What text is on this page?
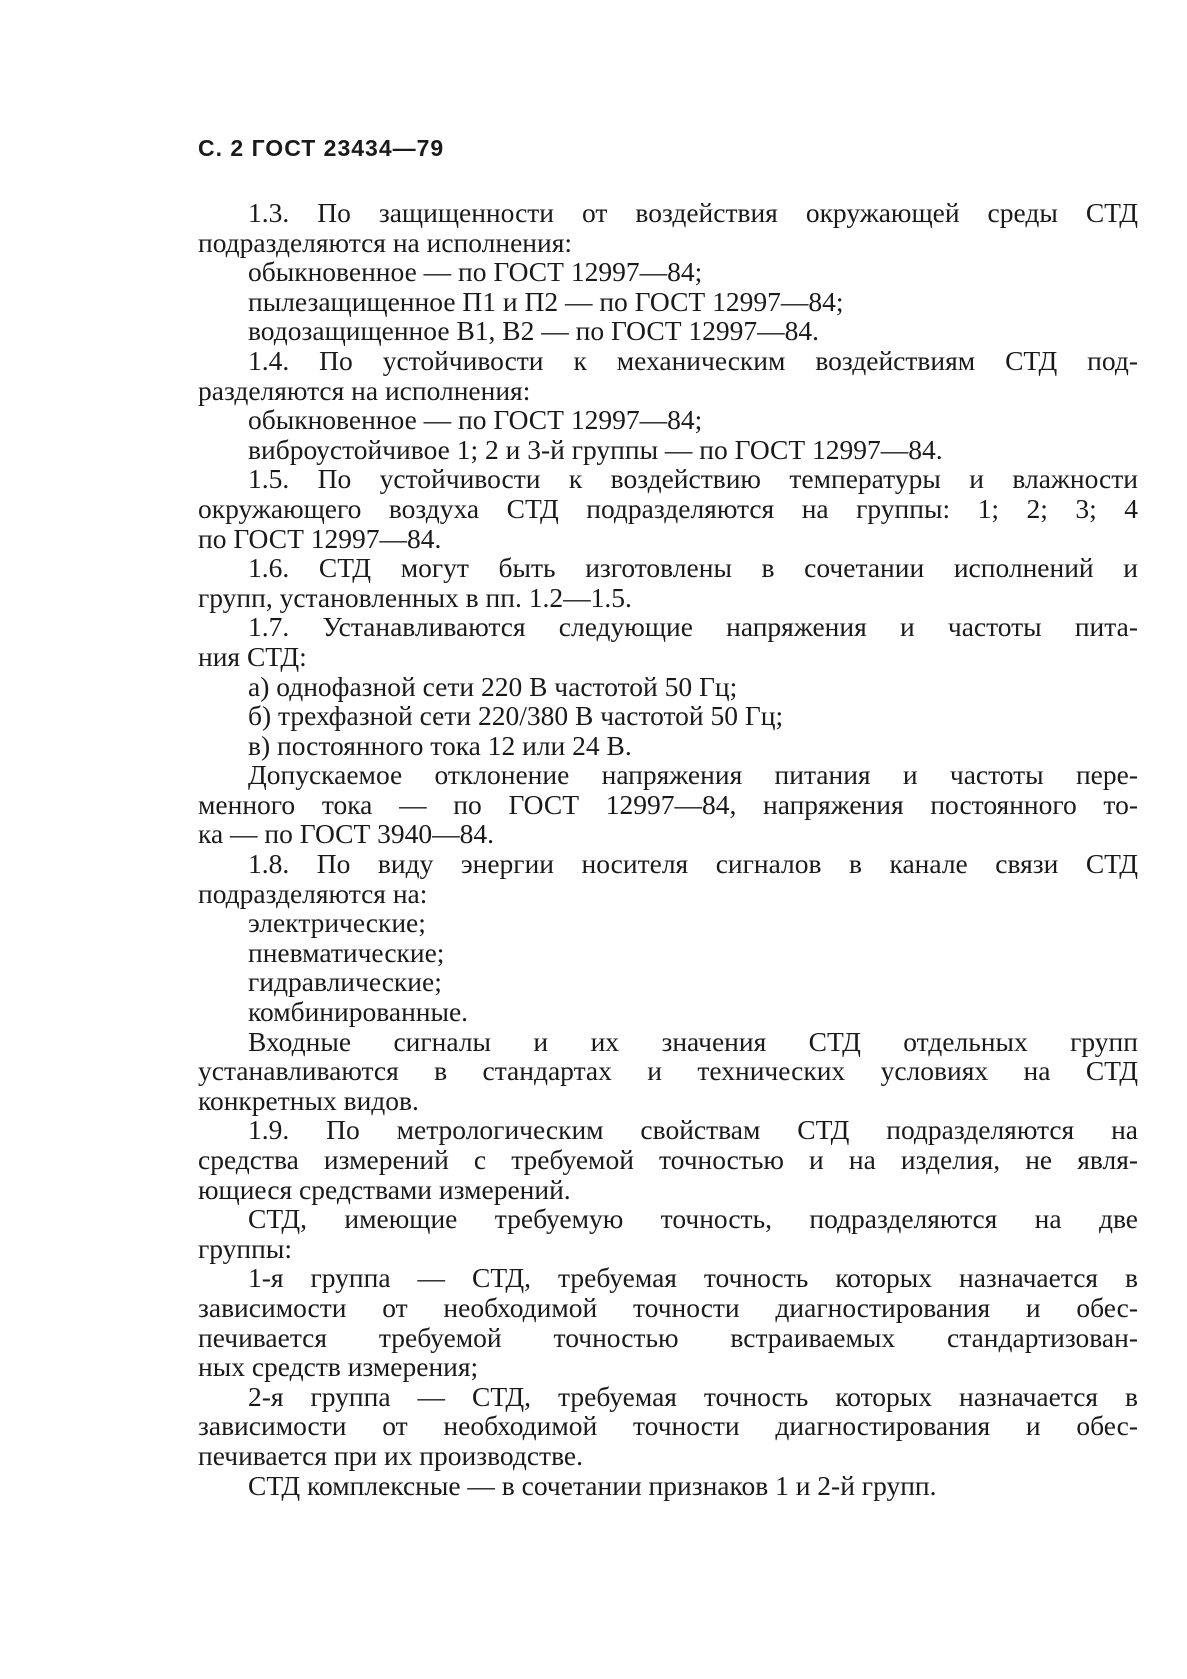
С. 2 ГОСТ 23434—79
1.3. По защищенности от воздействия окружающей среды СТД
подразделяются на исполнения:
обыкновенное — по ГОСТ 12997—84;
пылезащищенное П1 и П2 — по ГОСТ 12997—84;
водозащищенное В1, В2 — по ГОСТ 12997—84.
1.4. По устойчивости к механическим воздействиям СТД под-
разделяются на исполнения:
обыкновенное — по ГОСТ 12997—84;
виброустойчивое 1; 2 и 3-й группы — по ГОСТ 12997—84.
1.5. По устойчивости к воздействию температуры и влажности
окружающего воздуха СТД подразделяются на группы: 1; 2; 3; 4
по ГОСТ 12997—84.
1.6. СТД могут быть изготовлены в сочетании исполнений и
групп, установленных в пп. 1.2—1.5.
1.7. Устанавливаются следующие напряжения и частоты пита-
ния СТД:
а) однофазной сети 220 В частотой 50 Гц;
б) трехфазной сети 220/380 В частотой 50 Гц;
в) постоянного тока 12 или 24 В.
Допускаемое отклонение напряжения питания и частоты пере-
менного тока — по ГОСТ 12997—84, напряжения постоянного то-
ка — по ГОСТ 3940—84.
1.8. По виду энергии носителя сигналов в канале связи СТД
подразделяются на:
электрические;
пневматические;
гидравлические;
комбинированные.
Входные сигналы и их значения СТД отдельных групп
устанавливаются в стандартах и технических условиях на СТД
конкретных видов.
1.9. По метрологическим свойствам СТД подразделяются на
средства измерений с требуемой точностью и на изделия, не явля-
ющиеся средствами измерений.
СТД, имеющие требуемую точность, подразделяются на две
группы:
1-я группа — СТД, требуемая точность которых назначается в
зависимости от необходимой точности диагностирования и обес-
печивается требуемой точностью встраиваемых стандартизован-
ных средств измерения;
2-я группа — СТД, требуемая точность которых назначается в
зависимости от необходимой точности диагностирования и обес-
печивается при их производстве.
СТД комплексные — в сочетании признаков 1 и 2-й групп.
